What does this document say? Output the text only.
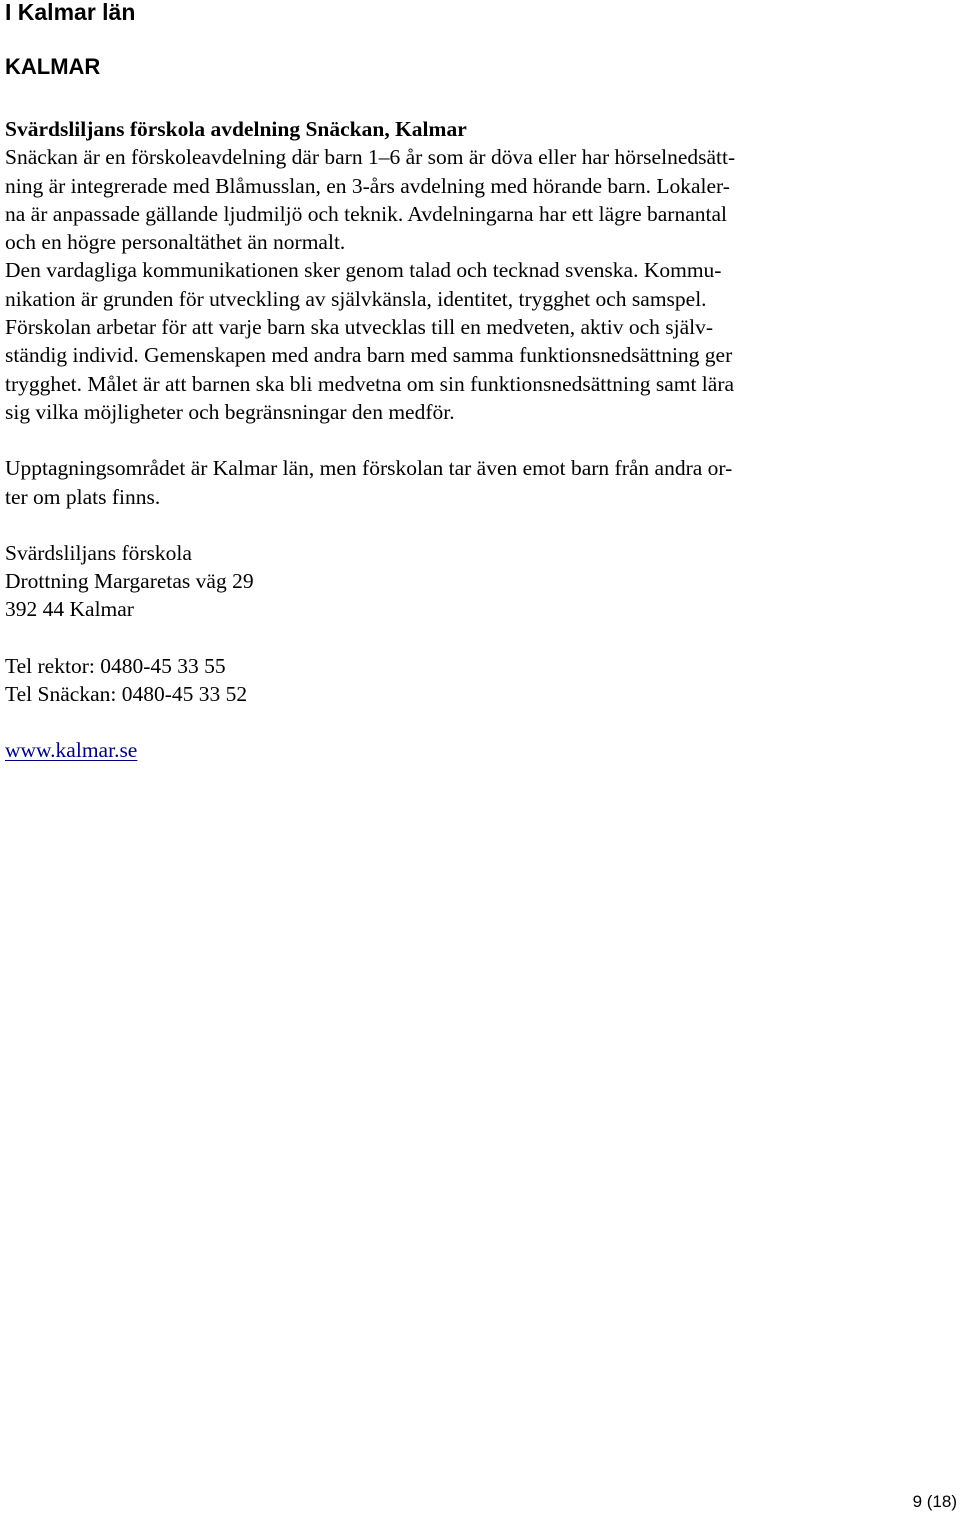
I Kalmar län
KALMAR
Svärdsliljans förskola avdelning Snäckan, Kalmar
Snäckan är en förskoleavdelning där barn 1–6 år som är döva eller har hörselnedsätt-
ning är integrerade med Blåmusslan, en 3-års avdelning med hörande barn. Lokaler-
na är anpassade gällande ljudmiljö och teknik. Avdelningarna har ett lägre barnantal
och en högre personaltäthet än normalt.
Den vardagliga kommunikationen sker genom talad och tecknad svenska. Kommu-
nikation är grunden för utveckling av självkänsla, identitet, trygghet och samspel.
Förskolan arbetar för att varje barn ska utvecklas till en medveten, aktiv och själv-
ständig individ. Gemenskapen med andra barn med samma funktionsnedsättning ger
trygghet. Målet är att barnen ska bli medvetna om sin funktionsnedsättning samt lära
sig vilka möjligheter och begränsningar den medför.
Upptagningsområdet är Kalmar län, men förskolan tar även emot barn från andra or-
ter om plats finns.
Svärdsliljans förskola
Drottning Margaretas väg 29
392 44 Kalmar
Tel rektor: 0480-45 33 55
Tel Snäckan: 0480-45 33 52
www.kalmar.se
9 (18)
